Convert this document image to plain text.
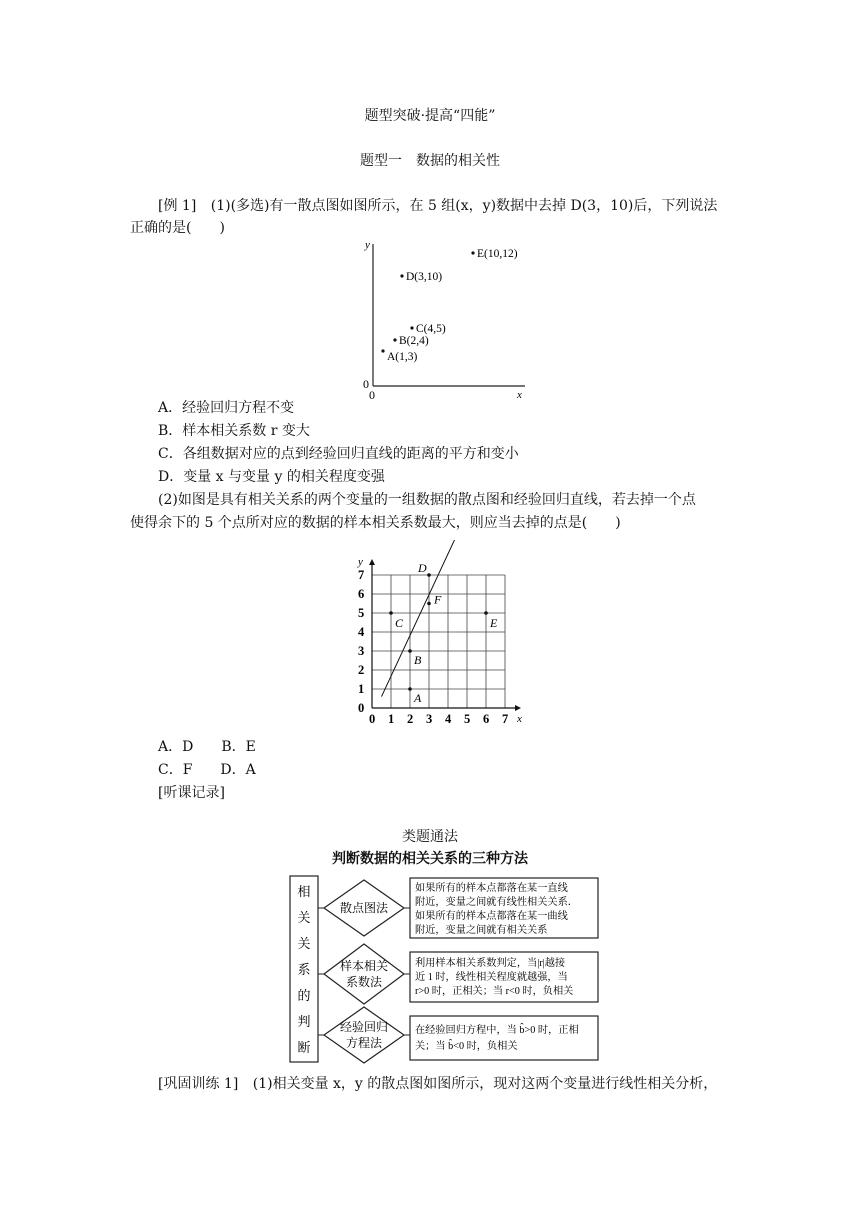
题型突破·提高“四能”
题型一　数据的相关性
[例 1] (1)(多选)有一散点图如图所示，在 5 组(x，y)数据中去掉 D(3，10)后，下列说法
正确的是(　　)
y
x
0
0
A(1,3)
B(2,4)
C(4,5)
D(3,10)
E(10,12)
A．经验回归方程不变
B．样本相关系数 r 变大
C．各组数据对应的点到经验回归直线的距离的平方和变小
D．变量 x 与变量 y 的相关程度变强
(2)如图是具有相关关系的两个变量的一组数据的散点图和经验回归直线，若去掉一个点
使得余下的 5 个点所对应的数据的样本相关系数最大，则应当去掉的点是(　　)
y
x
0 1 2 3 4 5 6 7
1
2
3
4
5
6
7
0
A
B
C
D
E
F
A．D　　B．E
C．F　　D．A
[听课记录]
类题通法
判断数据的相关关系的三种方法
相
关
关
系
的
判
断
散点图法
如果所有的样本点都落在某一直线
附近，变量之间就有线性相关关系．
如果所有的样本点都落在某一曲线
附近，变量之间就有相关关系
样本相关
系数法
利用样本相关系数判定，当|r|越接
近 1 时，线性相关程度就越强，当
r>0 时，正相关；当 r<0 时，负相关
经验回归
方程法
在经验回归方程中，当 b̂>0 时，正相
关；当 b̂<0 时，负相关
[巩固训练 1] (1)相关变量 x，y 的散点图如图所示，现对这两个变量进行线性相关分析，
